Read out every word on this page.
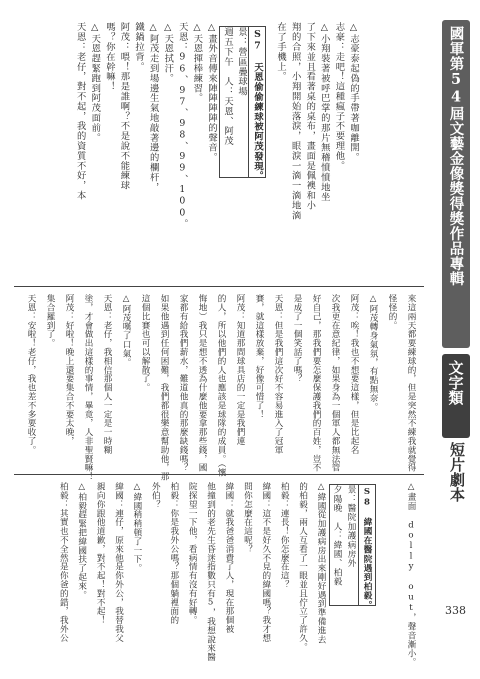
國軍第54屆文藝金像獎得獎作品專輯
文字類
短片劇本
338
△志豪泰起偽的手帶著咖離開。
志豪：走吧！這種瘋子不要理他。
△小翔裝著被呼巴掌的那片無稽憤憤地坐
了下來並且看著桌的桌布，畫面是佩襖和小
翔的合照，小翔開始落淚，眼淚一滴一滴地滴
在了手機上。
S7　天恩偷偷練球被阿茂發現。
景：營區疊球場
週五下午　人：天恩、阿茂
△畫外音傳來陣陣陣陣的聲音。
△天恩揮棒練習。
天恩：96、97、98、99、100。
△天恩拭汗。
△阿茂走到場邊生氣地敲著邊的欄杆，
鐵鍋拉背。
阿茂：喂！那是誰啊？不是說不能練球
嗎？你在幹嘛！
△天恩趕緊跑到阿茂面前。
天恩：老仔，對不起，我的資質不好，本
來這兩天都要練球的，但是突然不練我就覺得
怪怪的。
△阿茂轉身氣氛，有點無奈。
阿茂：唉！我也不想要這樣，但是比起名
次我更在意紀律，如果身為一個軍人都無法管
好自己，那我們要怎麼保護我們的百姓，豈不
是成了一個笑話了嗎？
天恩：但是我們這次好不容易進入了冠軍
賽，就這樣放棄，好像可惜了！
阿茂：知道那間球具店的一定是我們連
的人，所以他們的人也應該是球隊的成員。（懷
悔地）我只是想不透為什麼他要拿那些錢，國
家都有給我們薪水，難道他真的那麼缺錢嗎？
如果他遇到任何困難，我們都很樂意幫助他，那
這個比賽也可以解散了。
△阿茂嘆了口氣。
天恩：老仔，我相信那個人一定是一時糊
塗，才會做出這樣的事情，畢竟，人非聖賢嘛！
阿茂：好啦！晚上還要集合不要太晚，
集合羅到了。
天恩：安啦！老仔，我也差不多要收了。
△畫面 dolly out，聲音漸小。
S8　緯國在醫院遇到柏毅。
景：醫院加護病房外
夕陽晚　人：緯國、柏毅
△緯國從加護病房出來剛好遇到準備進去
的柏毅，兩人互看了一眼並且佇立了許久。
柏毅：連長！你怎麼在這？
緯國：這不是好久不見的緯國嗎？我才想
問你怎麼在這呢？
緯國：就我爸爸消費了人，現在那個被
他撞到的老先生昏迷指數只有5，我想說來醫
院探望一下他，看病情有沒有好轉。
柏毅：你是我外公嗎？那個躺裡面的
外伯？
△緯國稍稍頓了一下。
緯國：連仔，原來他是你外公，我替我父
親向你跟他道歉，對不起！對不起！
△柏毅趕緊把緯國扶了起來。
柏毅：其實也不全然是你爸的錯，我外公
